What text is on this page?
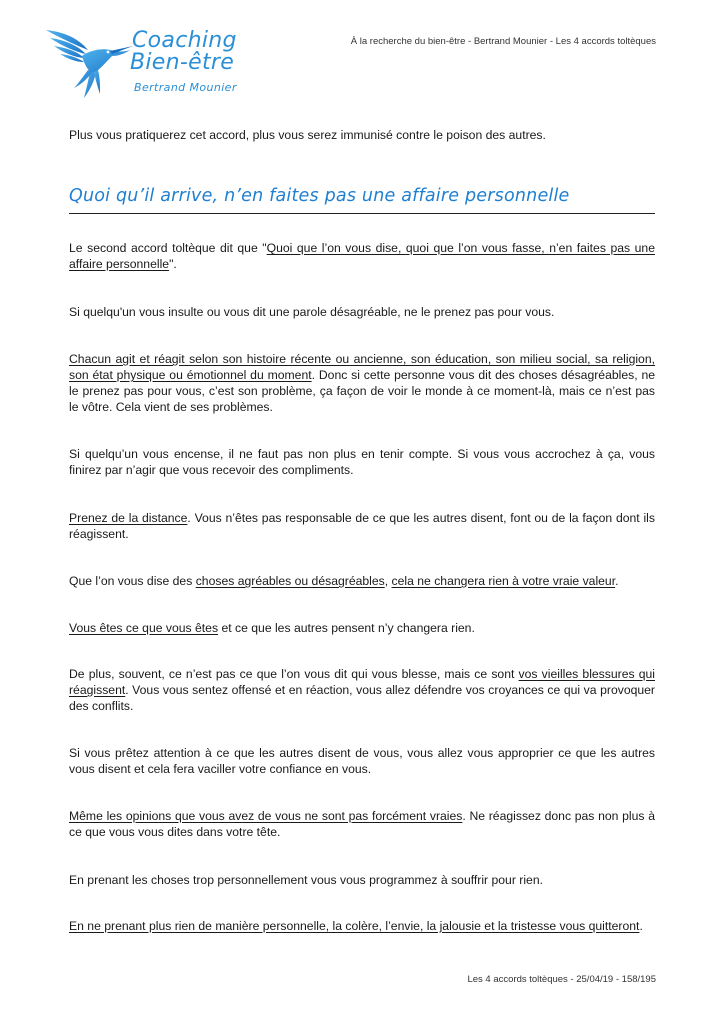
Coaching
Bien-être
Bertrand Mounier
À la recherche du bien-être - Bertrand Mounier - Les 4 accords toltèques

Plus vous pratiquerez cet accord, plus vous serez immunisé contre le poison des autres.

Quoi qu’il arrive, n’en faites pas une affaire personnelle

Le second accord toltèque dit que "Quoi que l’on vous dise, quoi que l’on vous fasse, n’en faites pas une affaire personnelle".

Si quelqu'un vous insulte ou vous dit une parole désagréable, ne le prenez pas pour vous.

Chacun agit et réagit selon son histoire récente ou ancienne, son éducation, son milieu social, sa religion, son état physique ou émotionnel du moment. Donc si cette personne vous dit des choses désagréables, ne le prenez pas pour vous, c’est son problème, ça façon de voir le monde à ce moment-là, mais ce n’est pas le vôtre. Cela vient de ses problèmes.

Si quelqu’un vous encense, il ne faut pas non plus en tenir compte. Si vous vous accrochez à ça, vous finirez par n’agir que vous recevoir des compliments.

Prenez de la distance. Vous n’êtes pas responsable de ce que les autres disent, font ou de la façon dont ils réagissent.

Que l’on vous dise des choses agréables ou désagréables, cela ne changera rien à votre vraie valeur.

Vous êtes ce que vous êtes et ce que les autres pensent n’y changera rien.

De plus, souvent, ce n’est pas ce que l’on vous dit qui vous blesse, mais ce sont vos vieilles blessures qui réagissent. Vous vous sentez offensé et en réaction, vous allez défendre vos croyances ce qui va provoquer des conflits.

Si vous prêtez attention à ce que les autres disent de vous, vous allez vous approprier ce que les autres vous disent et cela fera vaciller votre confiance en vous.

Même les opinions que vous avez de vous ne sont pas forcément vraies. Ne réagissez donc pas non plus à ce que vous vous dites dans votre tête.

En prenant les choses trop personnellement vous vous programmez à souffrir pour rien.

En ne prenant plus rien de manière personnelle, la colère, l’envie, la jalousie et la tristesse vous quitteront.

Les 4 accords toltèques - 25/04/19 - 158/195
